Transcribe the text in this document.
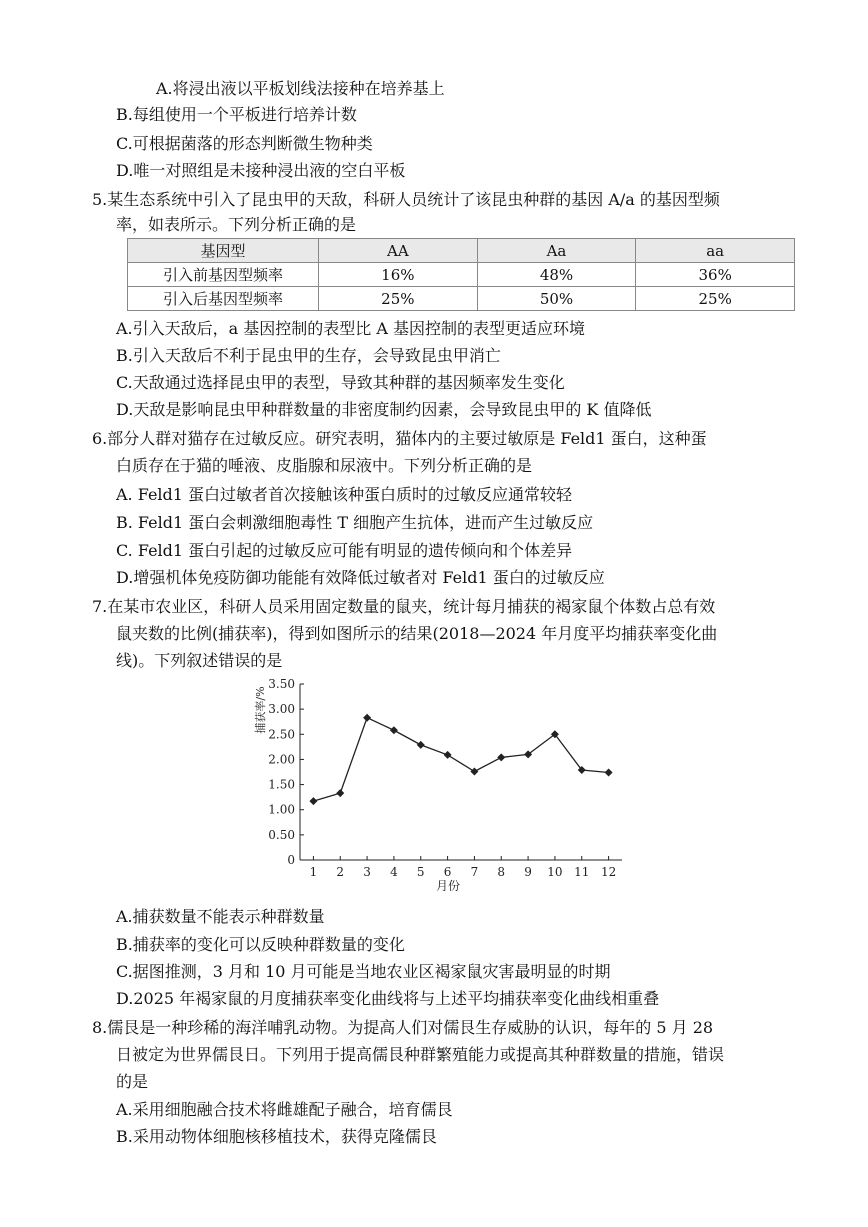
A.将浸出液以平板划线法接种在培养基上
B.每组使用一个平板进行培养计数
C.可根据菌落的形态判断微生物种类
D.唯一对照组是未接种浸出液的空白平板
5.某生态系统中引入了昆虫甲的天敌，科研人员统计了该昆虫种群的基因 A/a 的基因型频
率，如表所示。下列分析正确的是
基因型	AA	Aa	aa
引入前基因型频率	16%	48%	36%
引入后基因型频率	25%	50%	25%
A.引入天敌后，a 基因控制的表型比 A 基因控制的表型更适应环境
B.引入天敌后不利于昆虫甲的生存，会导致昆虫甲消亡
C.天敌通过选择昆虫甲的表型，导致其种群的基因频率发生变化
D.天敌是影响昆虫甲种群数量的非密度制约因素，会导致昆虫甲的 K 值降低
6.部分人群对猫存在过敏反应。研究表明，猫体内的主要过敏原是 Feld1 蛋白，这种蛋
白质存在于猫的唾液、皮脂腺和尿液中。下列分析正确的是
A. Feld1 蛋白过敏者首次接触该种蛋白质时的过敏反应通常较轻
B. Feld1 蛋白会刺激细胞毒性 T 细胞产生抗体，进而产生过敏反应
C. Feld1 蛋白引起的过敏反应可能有明显的遗传倾向和个体差异
D.增强机体免疫防御功能能有效降低过敏者对 Feld1 蛋白的过敏反应
7.在某市农业区，科研人员采用固定数量的鼠夹，统计每月捕获的褐家鼠个体数占总有效
鼠夹数的比例(捕获率)，得到如图所示的结果(2018—2024 年月度平均捕获率变化曲
线)。下列叙述错误的是
捕获率/%
月份
0
0.50
1.00
1.50
2.00
2.50
3.00
3.50
1 2 3 4 5 6 7 8 9 10 11 12
A.捕获数量不能表示种群数量
B.捕获率的变化可以反映种群数量的变化
C.据图推测，3 月和 10 月可能是当地农业区褐家鼠灾害最明显的时期
D.2025 年褐家鼠的月度捕获率变化曲线将与上述平均捕获率变化曲线相重叠
8.儒艮是一种珍稀的海洋哺乳动物。为提高人们对儒艮生存威胁的认识，每年的 5 月 28
日被定为世界儒艮日。下列用于提高儒艮种群繁殖能力或提高其种群数量的措施，错误
的是
A.采用细胞融合技术将雌雄配子融合，培育儒艮
B.采用动物体细胞核移植技术，获得克隆儒艮
